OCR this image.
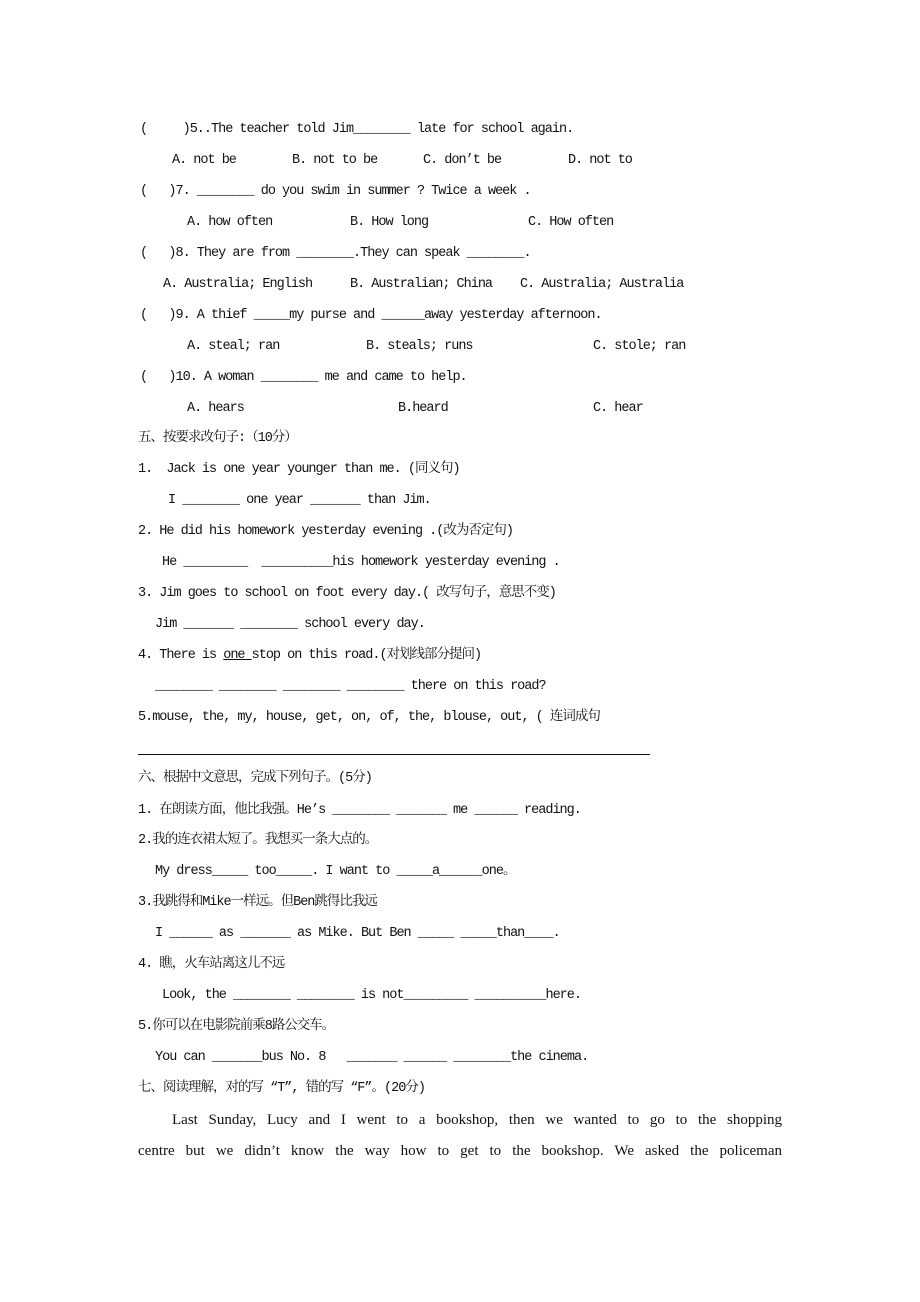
(     )5..The teacher told Jim________ late for school again.
A. not be	B. not to be	C. don’t be	D. not to
(   )7. ________ do you swim in summer ? Twice a week .
A. how often	B. How long	C. How often
(   )8. They are from ________.They can speak ________.
A. Australia; English	B. Australian; China C. Australia; Australia
(   )9. A thief _____my purse and ______away yesterday afternoon.
A. steal; ran	B. steals; runs	C. stole; ran
(   )10. A woman ________ me and came to help.
A. hears	B.heard	C. hear
五、按要求改句子:（10分）
1.  Jack is one year younger than me. (同义句)
I ________ one year _______ than Jim.
2. He did his homework yesterday evening .(改为否定句)
He _________  __________his homework yesterday evening .
3. Jim goes to school on foot every day.( 改写句子，意思不变)
Jim _______ ________ school every day.
4. There is one stop on this road.(对划线部分提问)
________ ________ ________ ________ there on this road?
5.mouse, the, my, house, get, on, of, the, blouse, out, ( 连词成句
六、根据中文意思，完成下列句子。(5分)
1. 在朗读方面，他比我强。He’s ________ _______ me ______ reading.
2.我的连衣裙太短了。我想买一条大点的。
My dress_____ too_____. I want to _____a______one。
3.我跳得和Mike一样远。但Ben跳得比我远
I ______ as _______ as Mike. But Ben _____ _____than____.
4. 瞧，火车站离这儿不远
Look, the ________ ________ is not_________ __________here.
5.你可以在电影院前乘8路公交车。
You can _______bus No. 8   _______ ______ ________the cinema.
七、阅读理解，对的写 “T”, 错的写 “F”。(20分)
Last Sunday, Lucy and I went to a bookshop, then we wanted to go to the shopping
centre but we didn’t know the way how to get to the bookshop. We asked the policeman
